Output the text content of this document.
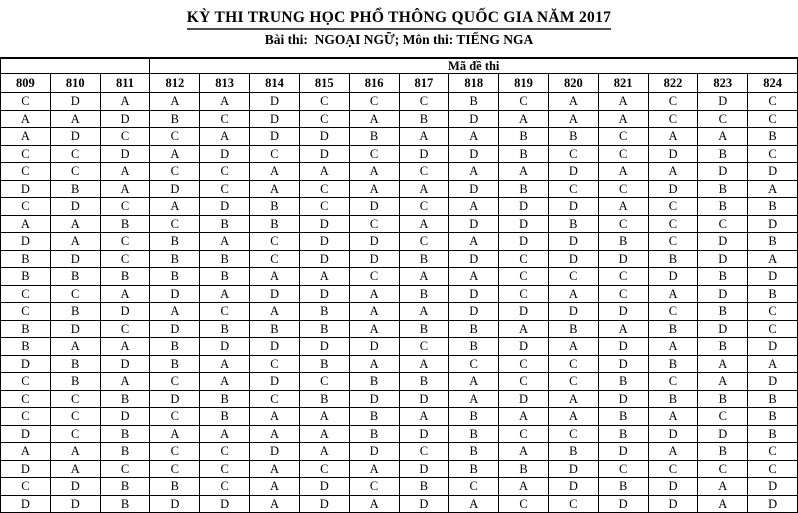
KỲ THI TRUNG HỌC PHỔ THÔNG QUỐC GIA NĂM 2017
Bài thi:  NGOẠI NGỮ; Môn thi: TIẾNG NGA
			Mã đề thi												
809	810	811	812	813	814	815	816	817	818	819	820	821	822	823	824
C	D	A	A	A	D	C	C	C	B	C	A	A	C	D	C
A	A	D	B	C	D	C	A	B	D	A	A	A	C	C	C
A	D	C	C	A	D	D	B	A	A	B	B	C	A	A	B
C	C	D	A	D	C	D	C	D	D	B	C	C	D	B	C
C	C	A	C	C	A	A	A	C	A	A	D	A	A	D	D
D	B	A	D	C	A	C	A	A	D	B	C	C	D	B	A
C	D	C	A	D	B	C	D	C	A	D	D	A	C	B	B
A	A	B	C	B	B	D	C	A	D	D	B	C	C	C	D
D	A	C	B	A	C	D	D	C	A	D	D	B	C	D	B
B	D	C	B	B	C	D	D	B	D	C	D	D	B	D	A
B	B	B	B	B	A	A	C	A	A	C	C	C	D	B	D
C	C	A	D	A	D	D	A	B	D	C	A	C	A	D	B
C	B	D	A	C	A	B	A	A	D	D	D	D	C	B	C
B	D	C	D	B	B	B	A	B	B	A	B	A	B	D	C
B	A	A	B	D	D	D	D	C	B	D	A	D	A	B	D
D	B	D	B	A	C	B	A	A	C	C	C	D	B	A	A
C	B	A	C	A	D	C	B	B	A	C	C	B	C	A	D
C	C	B	D	B	C	B	D	D	A	D	A	D	B	B	B
C	C	D	C	B	A	A	B	A	B	A	A	B	A	C	B
D	C	B	A	A	A	A	B	D	B	C	C	B	D	D	B
A	A	B	C	C	D	A	D	C	B	A	B	D	A	B	C
D	A	C	C	C	A	C	A	D	B	B	D	C	C	C	C
C	D	B	B	C	A	D	C	B	C	A	D	B	D	A	D
D	D	B	D	D	A	D	A	D	A	C	C	D	D	A	D
